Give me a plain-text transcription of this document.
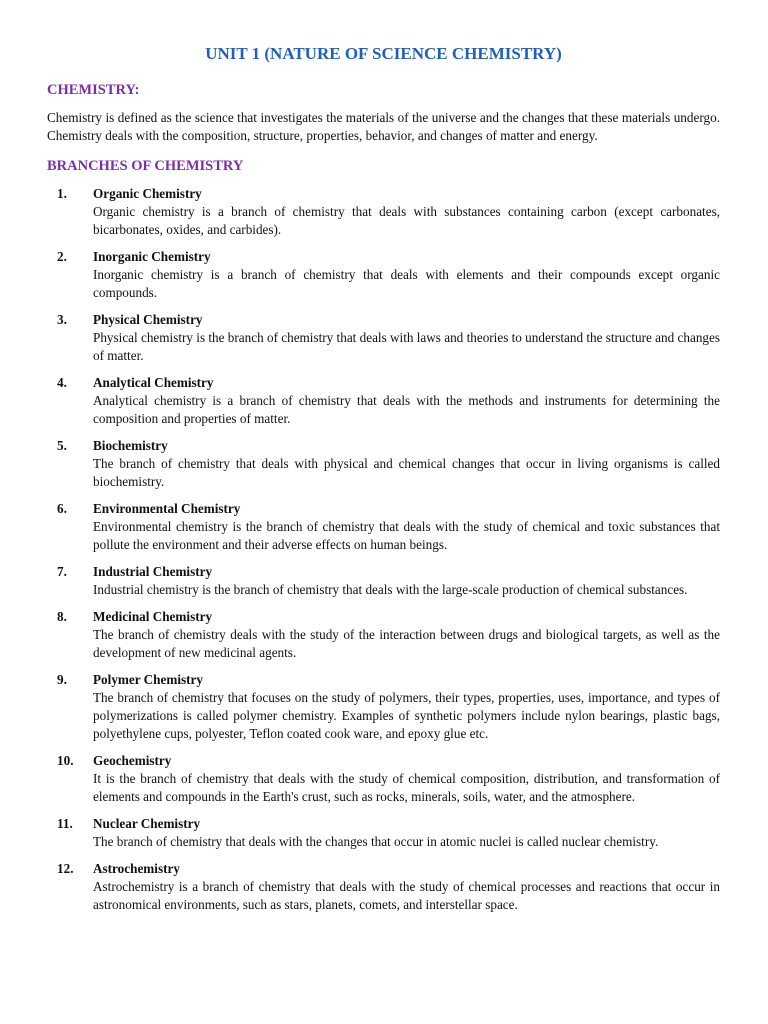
UNIT 1 (NATURE OF SCIENCE CHEMISTRY)
CHEMISTRY:

Chemistry is defined as the science that investigates the materials of the universe and the changes that these materials undergo. Chemistry deals with the composition, structure, properties, behavior, and changes of matter and energy.

BRANCHES OF CHEMISTRY
1.	Organic Chemistry
Organic chemistry is a branch of chemistry that deals with substances containing carbon (except carbonates, bicarbonates, oxides, and carbides).
2.	Inorganic Chemistry
Inorganic chemistry is a branch of chemistry that deals with elements and their compounds except organic compounds.
3.	Physical Chemistry
Physical chemistry is the branch of chemistry that deals with laws and theories to understand the structure and changes of matter.
4.	Analytical Chemistry
Analytical chemistry is a branch of chemistry that deals with the methods and instruments for determining the composition and properties of matter.
5.	Biochemistry
The branch of chemistry that deals with physical and chemical changes that occur in living organisms is called biochemistry.
6.	Environmental Chemistry
Environmental chemistry is the branch of chemistry that deals with the study of chemical and toxic substances that pollute the environment and their adverse effects on human beings.
7.	Industrial Chemistry
Industrial chemistry is the branch of chemistry that deals with the large-scale production of chemical substances.
8.	Medicinal Chemistry
The branch of chemistry deals with the study of the interaction between drugs and biological targets, as well as the development of new medicinal agents.
9.	Polymer Chemistry
The branch of chemistry that focuses on the study of polymers, their types, properties, uses, importance, and types of polymerizations is called polymer chemistry. Examples of synthetic polymers include nylon bearings, plastic bags, polyethylene cups, polyester, Teflon coated cook ware, and epoxy glue etc.
10.	Geochemistry
It is the branch of chemistry that deals with the study of chemical composition, distribution, and transformation of elements and compounds in the Earth's crust, such as rocks, minerals, soils, water, and the atmosphere.
11.	Nuclear Chemistry
The branch of chemistry that deals with the changes that occur in atomic nuclei is called nuclear chemistry.
12.	Astrochemistry
Astrochemistry is a branch of chemistry that deals with the study of chemical processes and reactions that occur in astronomical environments, such as stars, planets, comets, and interstellar space.
